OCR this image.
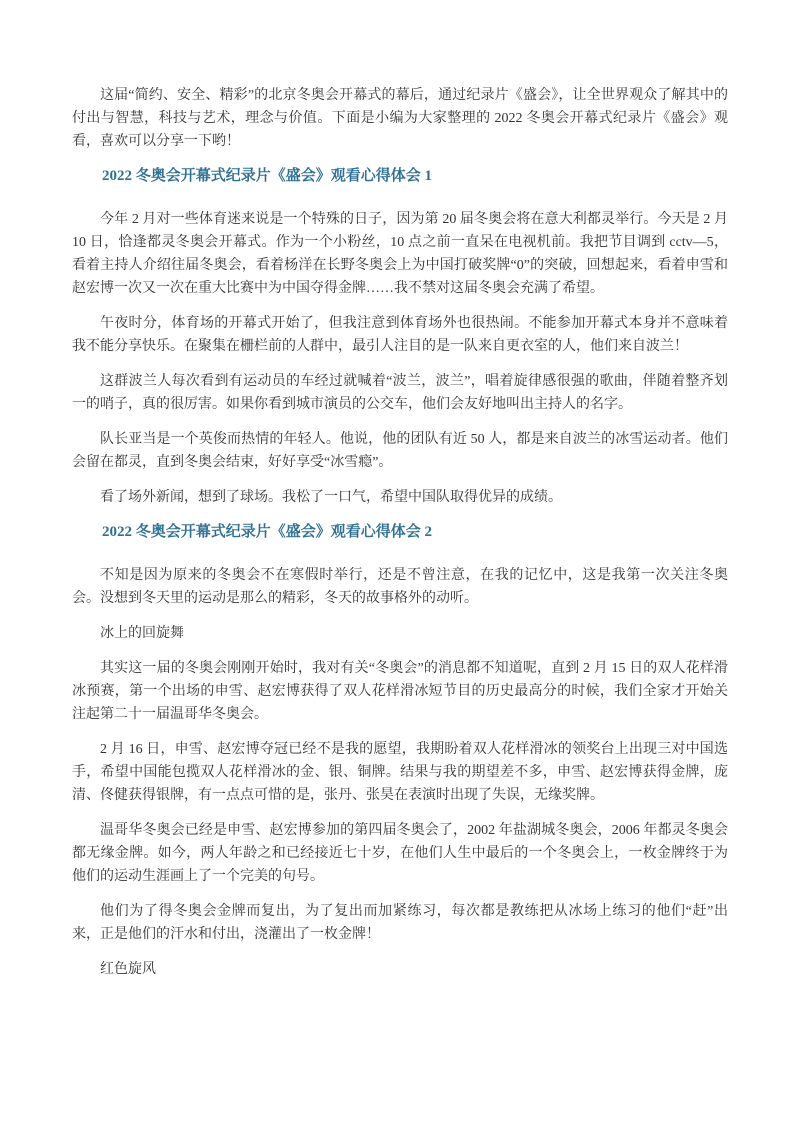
这届“简约、安全、精彩”的北京冬奥会开幕式的幕后，通过纪录片《盛会》，让全世界观众了解其中的付出与智慧，科技与艺术，理念与价值。下面是小编为大家整理的 2022 冬奥会开幕式纪录片《盛会》观看，喜欢可以分享一下哟！
2022 冬奥会开幕式纪录片《盛会》观看心得体会 1
今年 2 月对一些体育迷来说是一个特殊的日子，因为第 20 届冬奥会将在意大利都灵举行。今天是 2 月 10 日，恰逢都灵冬奥会开幕式。作为一个小粉丝，10 点之前一直呆在电视机前。我把节目调到 cctv—5，看着主持人介绍往届冬奥会，看着杨洋在长野冬奥会上为中国打破奖牌“0”的突破，回想起来，看着申雪和赵宏博一次又一次在重大比赛中为中国夺得金牌……我不禁对这届冬奥会充满了希望。
午夜时分，体育场的开幕式开始了，但我注意到体育场外也很热闹。不能参加开幕式本身并不意味着我不能分享快乐。在聚集在栅栏前的人群中，最引人注目的是一队来自更衣室的人，他们来自波兰！
这群波兰人每次看到有运动员的车经过就喊着“波兰，波兰”，唱着旋律感很强的歌曲，伴随着整齐划一的哨子，真的很厉害。如果你看到城市演员的公交车，他们会友好地叫出主持人的名字。
队长亚当是一个英俊而热情的年轻人。他说，他的团队有近 50 人，都是来自波兰的冰雪运动者。他们会留在都灵，直到冬奥会结束，好好享受“冰雪瘾”。
看了场外新闻，想到了球场。我松了一口气，希望中国队取得优异的成绩。
2022 冬奥会开幕式纪录片《盛会》观看心得体会 2
不知是因为原来的冬奥会不在寒假时举行，还是不曾注意，在我的记忆中，这是我第一次关注冬奥会。没想到冬天里的运动是那么的精彩，冬天的故事格外的动听。
冰上的回旋舞
其实这一届的冬奥会刚刚开始时，我对有关“冬奥会”的消息都不知道呢，直到 2 月 15 日的双人花样滑冰预赛，第一个出场的申雪、赵宏博获得了双人花样滑冰短节目的历史最高分的时候，我们全家才开始关注起第二十一届温哥华冬奥会。
2 月 16 日，申雪、赵宏博夺冠已经不是我的愿望，我期盼着双人花样滑冰的领奖台上出现三对中国选手，希望中国能包揽双人花样滑冰的金、银、铜牌。结果与我的期望差不多，申雪、赵宏博获得金牌，庞清、佟健获得银牌，有一点点可惜的是，张丹、张昊在表演时出现了失误，无缘奖牌。
温哥华冬奥会已经是申雪、赵宏博参加的第四届冬奥会了，2002 年盐湖城冬奥会，2006 年都灵冬奥会都无缘金牌。如今，两人年龄之和已经接近七十岁，在他们人生中最后的一个冬奥会上，一枚金牌终于为他们的运动生涯画上了一个完美的句号。
他们为了得冬奥会金牌而复出，为了复出而加紧练习，每次都是教练把从冰场上练习的他们“赶”出来，正是他们的汗水和付出，浇灌出了一枚金牌！
红色旋风
